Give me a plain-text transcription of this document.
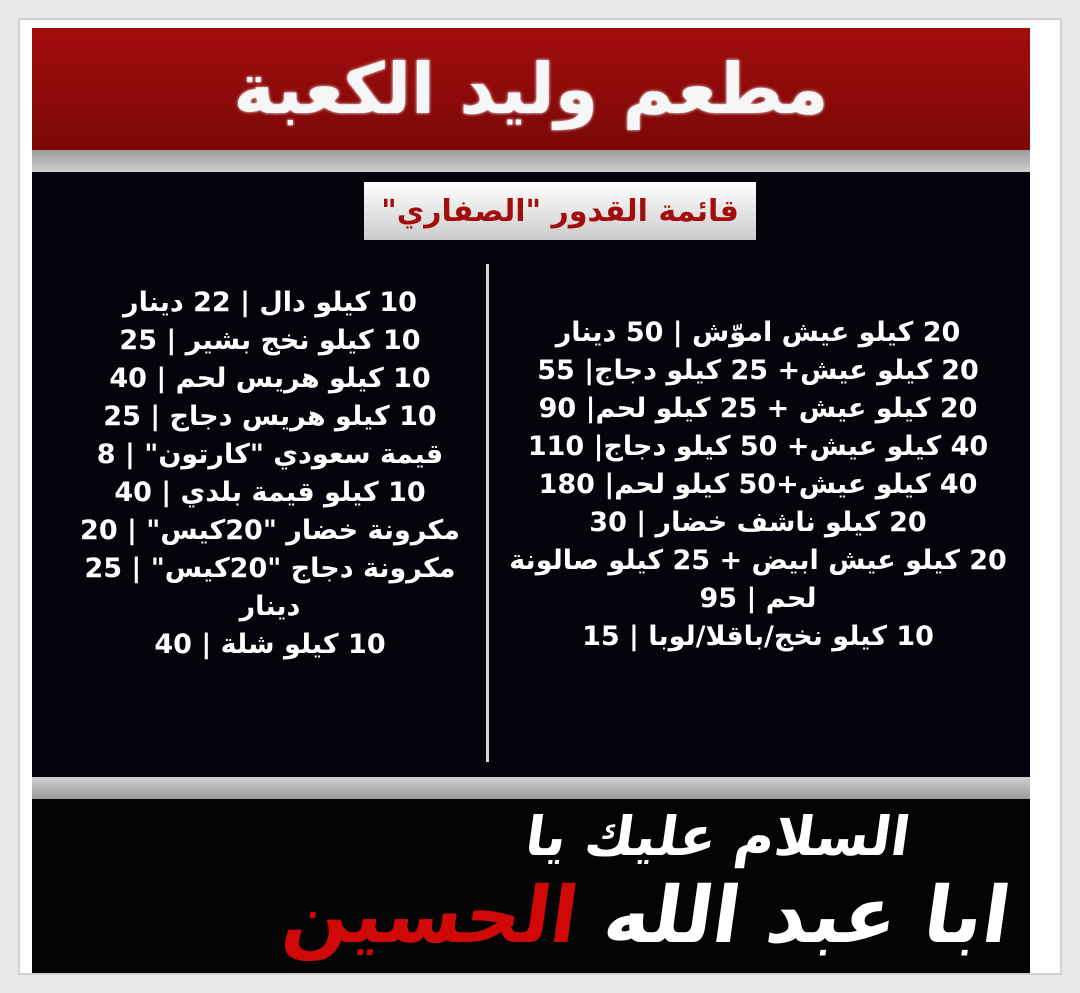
مطعم وليد الكعبة
قائمة القدور "الصفاري"
10 كيلو دال | 22 دينار
10 كيلو نخج بشير | 25
10 كيلو هريس لحم | 40
10 كيلو هريس دجاج | 25
قيمة سعودي "كارتون" | 8
10 كيلو قيمة بلدي | 40
مكرونة خضار "20كيس" | 20
مكرونة دجاج "20كيس" | 25 دينار
10 كيلو شلة | 40
20 كيلو عيش اموّش | 50 دينار
20 كيلو عيش+ 25 كيلو دجاج| 55
20 كيلو عيش + 25 كيلو لحم| 90
40 كيلو عيش+ 50 كيلو دجاج| 110
40 كيلو عيش+50 كيلو لحم| 180
20 كيلو ناشف خضار | 30
20 كيلو عيش ابيض + 25 كيلو صالونة لحم | 95
10 كيلو نخج/باقلا/لوبا | 15
السلام عليك يا
ابا عبد الله الحسين
